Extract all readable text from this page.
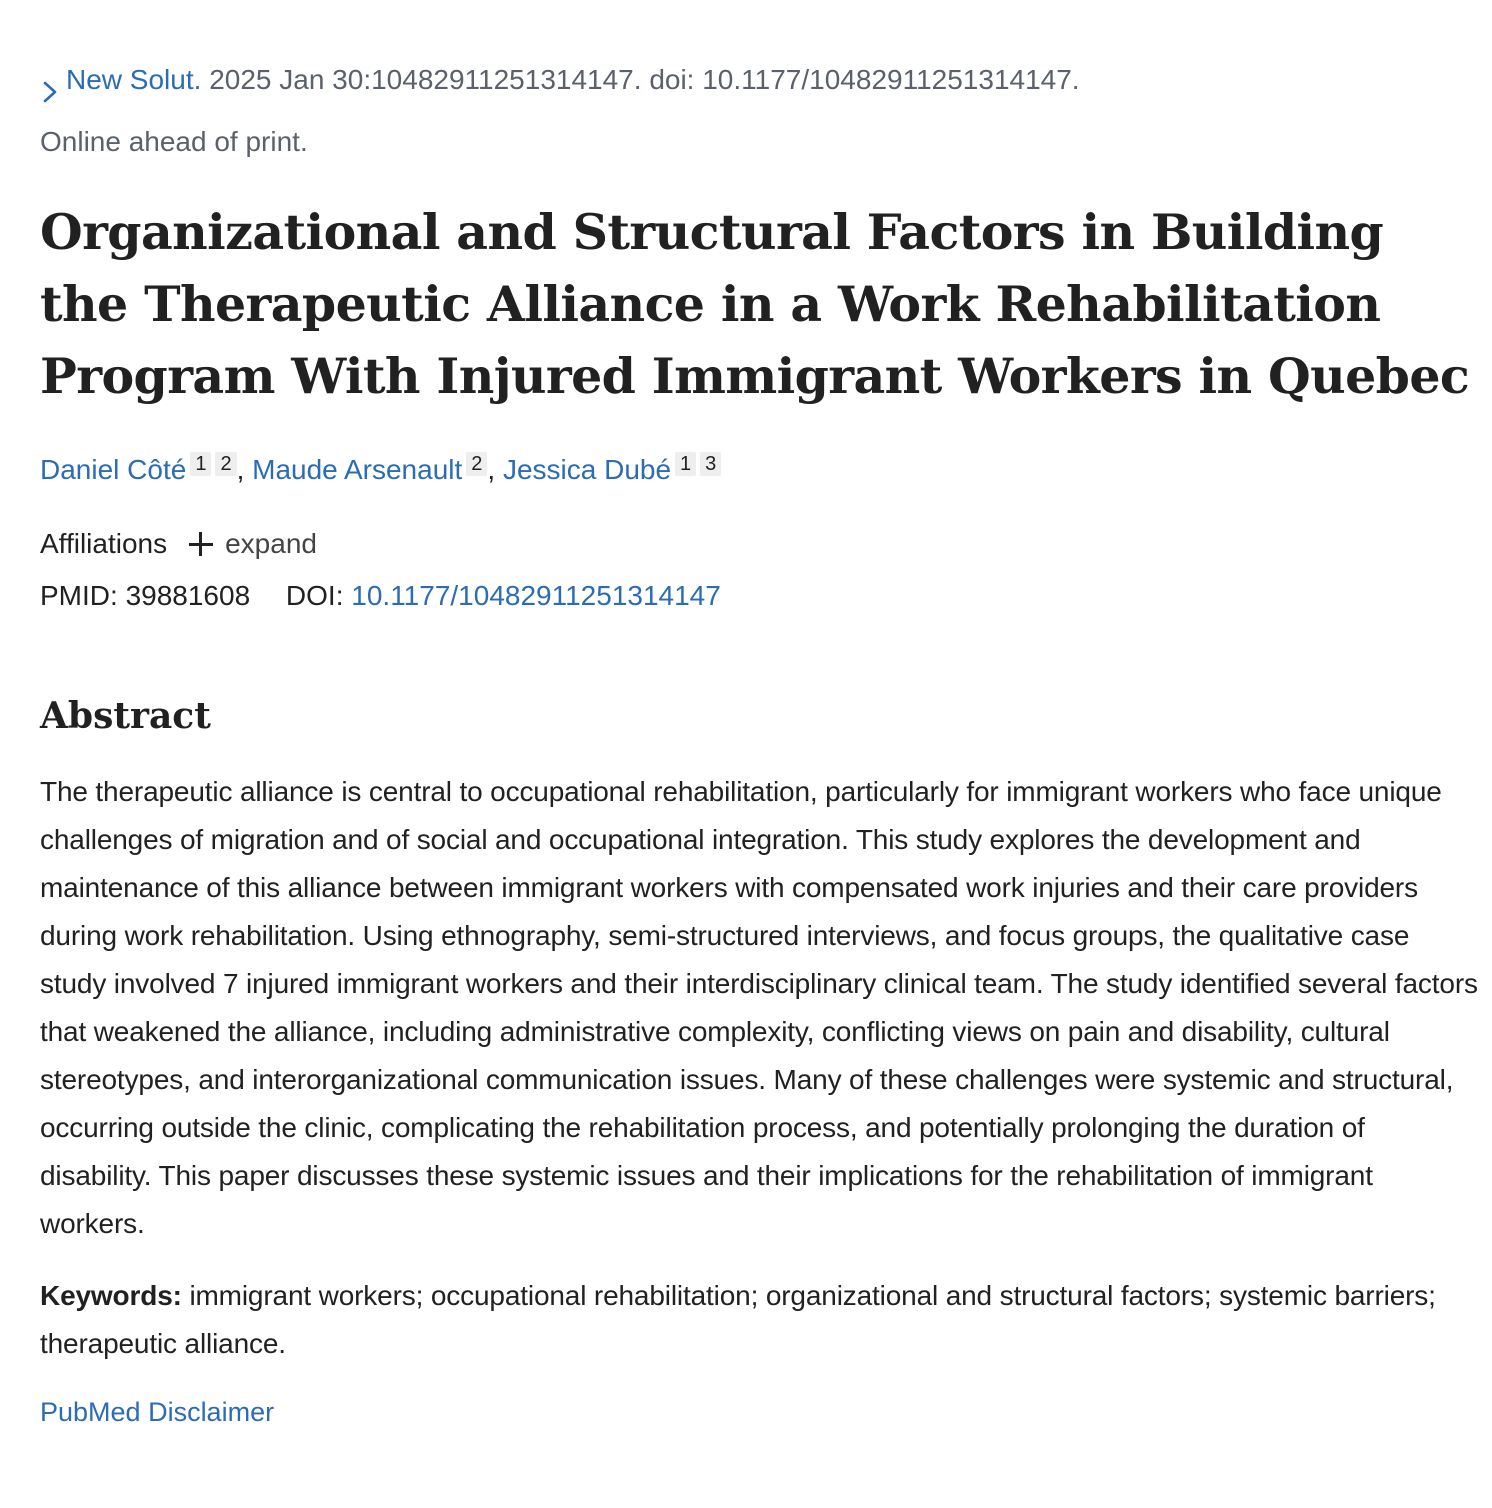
New Solut. 2025 Jan 30:10482911251314147. doi: 10.1177/10482911251314147.
Online ahead of print.
Organizational and Structural Factors in Building the Therapeutic Alliance in a Work Rehabilitation Program With Injured Immigrant Workers in Quebec
Daniel Côté 1 2 , Maude Arsenault 2 , Jessica Dubé 1 3
Affiliations expand
PMID: 39881608 DOI: 10.1177/10482911251314147
Abstract
The therapeutic alliance is central to occupational rehabilitation, particularly for immigrant workers who face unique challenges of migration and of social and occupational integration. This study explores the development and maintenance of this alliance between immigrant workers with compensated work injuries and their care providers during work rehabilitation. Using ethnography, semi-structured interviews, and focus groups, the qualitative case study involved 7 injured immigrant workers and their interdisciplinary clinical team. The study identified several factors that weakened the alliance, including administrative complexity, conflicting views on pain and disability, cultural stereotypes, and interorganizational communication issues. Many of these challenges were systemic and structural, occurring outside the clinic, complicating the rehabilitation process, and potentially prolonging the duration of disability. This paper discusses these systemic issues and their implications for the rehabilitation of immigrant workers.
Keywords: immigrant workers; occupational rehabilitation; organizational and structural factors; systemic barriers; therapeutic alliance.
PubMed Disclaimer
